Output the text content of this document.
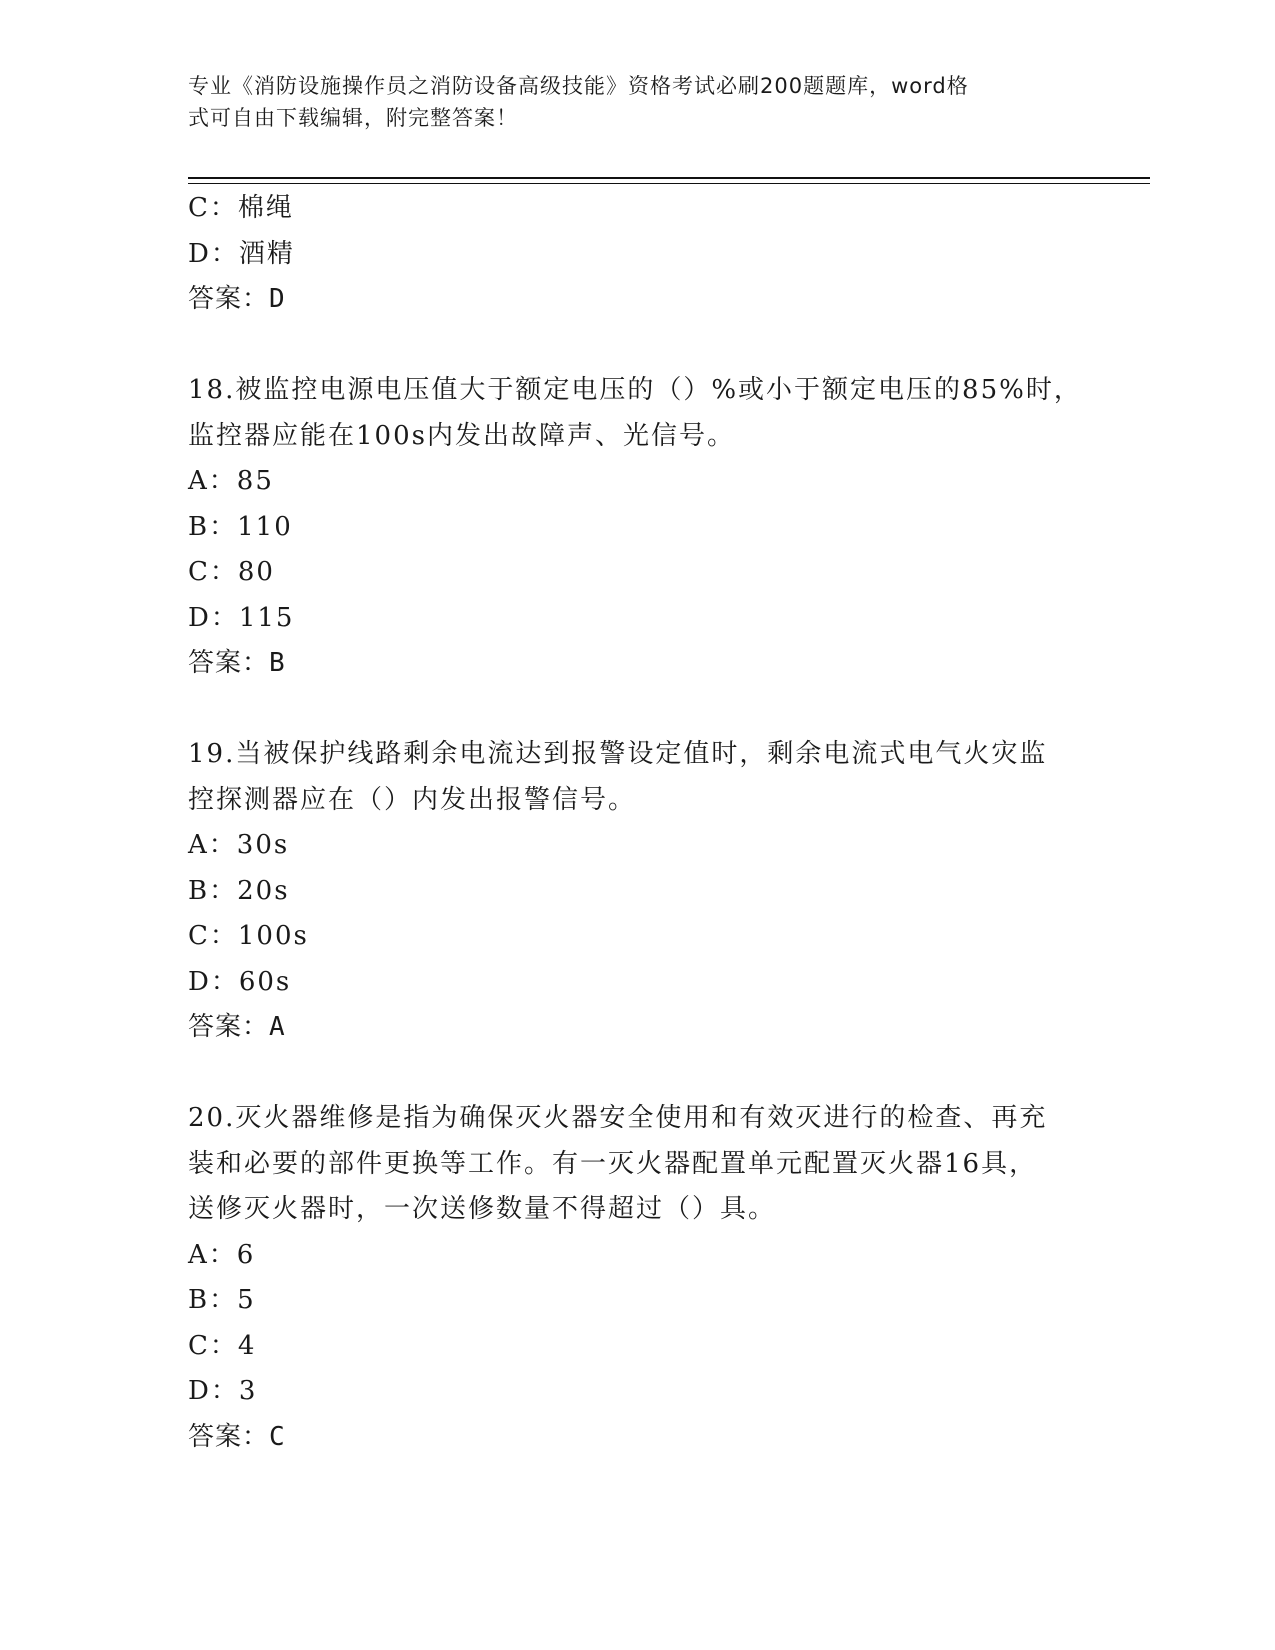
专业《消防设施操作员之消防设备高级技能》资格考试必刷200题题库，word格
式可自由下载编辑，附完整答案！
C：棉绳
D：酒精
答案：D
18.被监控电源电压值大于额定电压的（）%或小于额定电压的85%时，
监控器应能在100s内发出故障声、光信号。
A：85
B：110
C：80
D：115
答案：B
19.当被保护线路剩余电流达到报警设定值时，剩余电流式电气火灾监
控探测器应在（）内发出报警信号。
A：30s
B：20s
C：100s
D：60s
答案：A
20.灭火器维修是指为确保灭火器安全使用和有效灭进行的检查、再充
装和必要的部件更换等工作。有一灭火器配置单元配置灭火器16具，
送修灭火器时，一次送修数量不得超过（）具。
A：6
B：5
C：4
D：3
答案：C
